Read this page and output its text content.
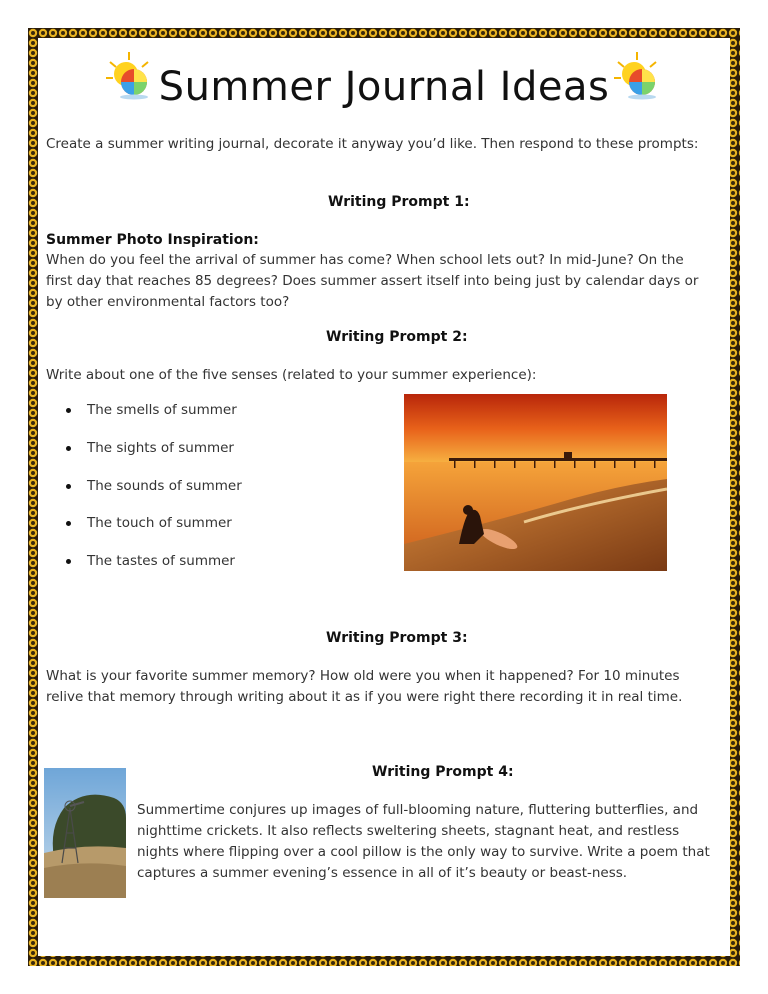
Summer Journal Ideas
Create a summer writing journal, decorate it anyway you’d like. Then respond to these prompts:
Writing Prompt 1:
Summer Photo Inspiration:
When do you feel the arrival of summer has come? When school lets out? In mid-June? On the first day that reaches 85 degrees? Does summer assert itself into being just by calendar days or by other environmental factors too?
Writing Prompt 2:
Write about one of the five senses (related to your summer experience):
The smells of summer
The sights of summer
The sounds of summer
The touch of summer
The tastes of summer
Writing Prompt 3:
What is your favorite summer memory? How old were you when it happened? For 10 minutes relive that memory through writing about it as if you were right there recording it in real time.
Writing Prompt 4:
Summertime conjures up images of full-blooming nature, fluttering butterflies, and nighttime crickets. It also reflects sweltering sheets, stagnant heat, and restless nights where flipping over a cool pillow is the only way to survive. Write a poem that captures a summer evening’s essence in all of it’s beauty or beast-ness.
